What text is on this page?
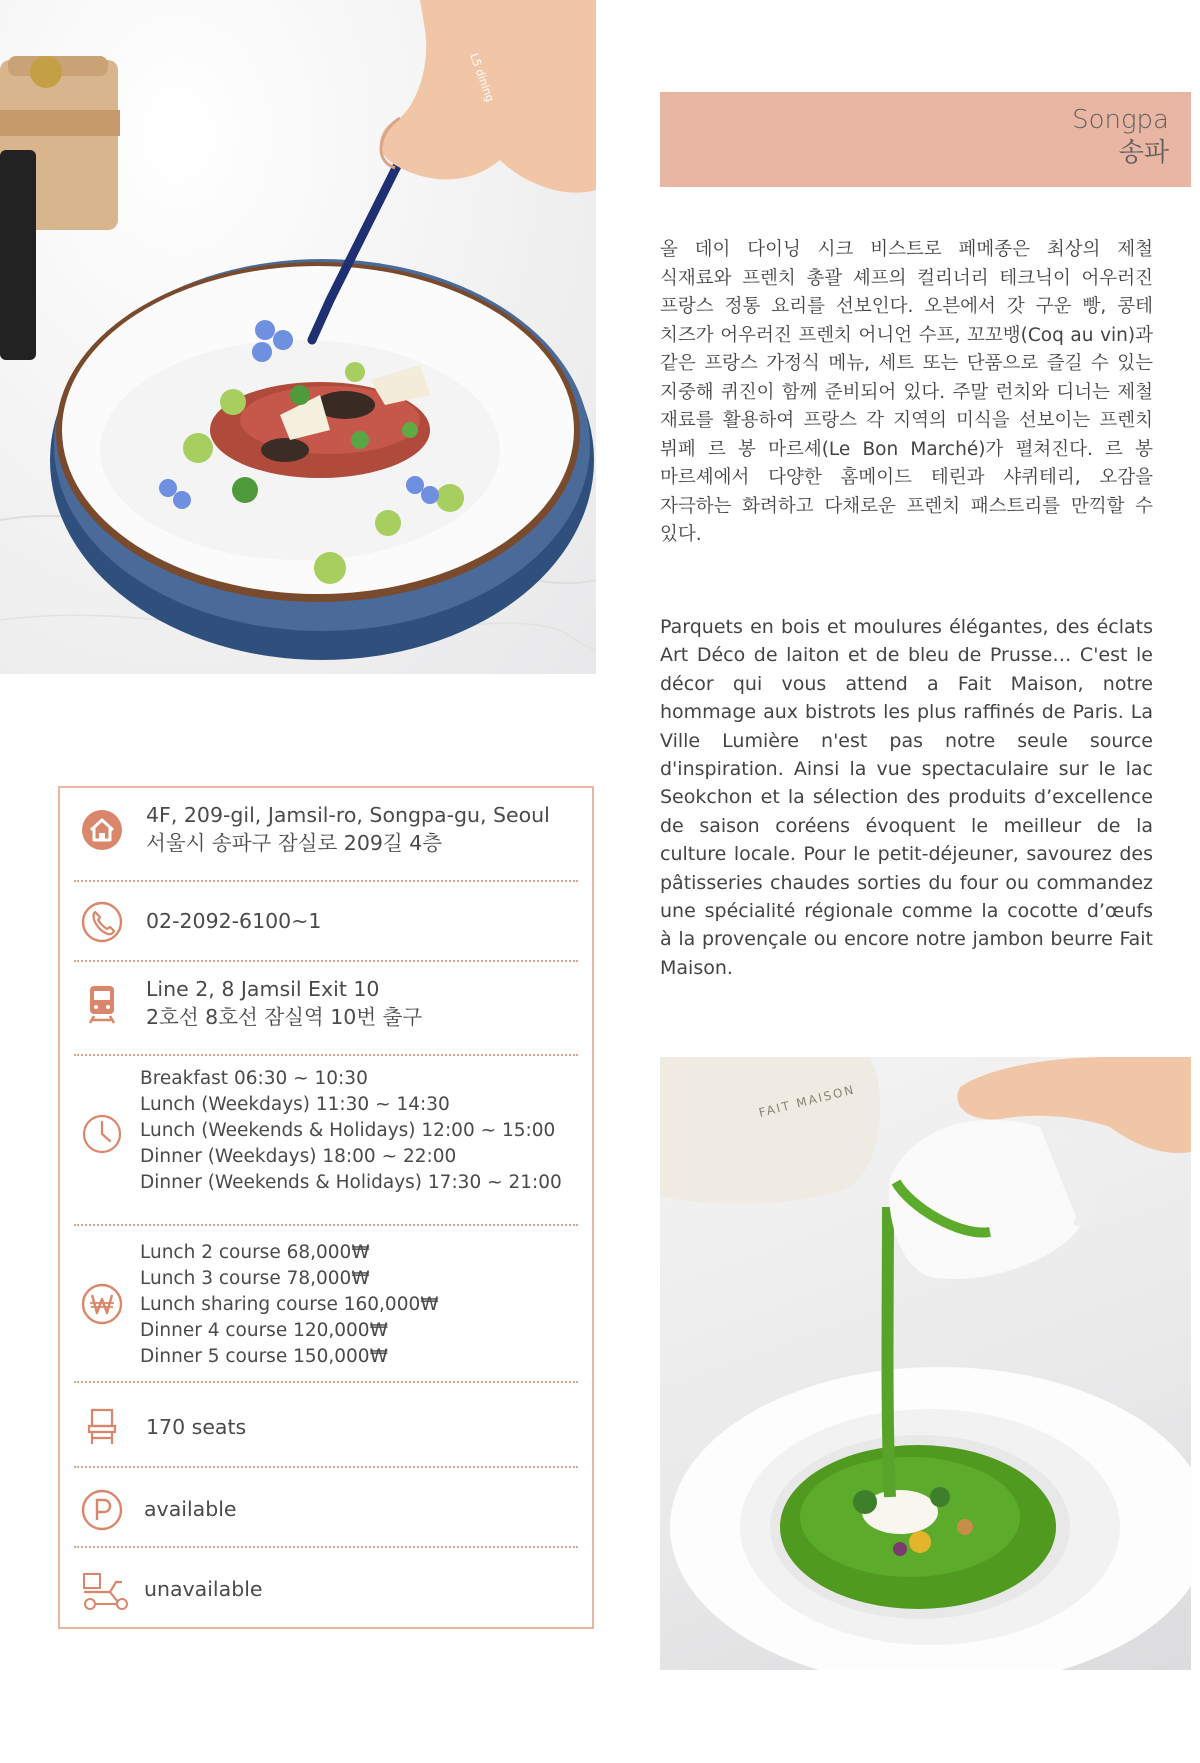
L5 dining
Songpa
송파

올 데이 다이닝 시크 비스트로 페메종은 최상의 제철 식재료와 프렌치 총괄 셰프의 컬리너리 테크닉이 어우러진 프랑스 정통 요리를 선보인다. 오븐에서 갓 구운 빵, 콩테 치즈가 어우러진 프렌치 어니언 수프, 꼬꼬뱅(Coq au vin)과 같은 프랑스 가정식 메뉴, 세트 또는 단품으로 즐길 수 있는 지중해 퀴진이 함께 준비되어 있다. 주말 런치와 디너는 제철 재료를 활용하여 프랑스 각 지역의 미식을 선보이는 프렌치 뷔페 르 봉 마르셰(Le Bon Marché)가 펼쳐진다. 르 봉 마르셰에서 다양한 홈메이드 테린과 샤퀴테리, 오감을 자극하는 화려하고 다채로운 프렌치 패스트리를 만끽할 수 있다.

Parquets en bois et moulures élégantes, des éclats Art Déco de laiton et de bleu de Prusse… C'est le décor qui vous attend a Fait Maison, notre hommage aux bistrots les plus raffinés de Paris. La Ville Lumière n'est pas notre seule source d'inspiration. Ainsi la vue spectaculaire sur le lac Seokchon et la sélection des produits d’excellence de saison coréens évoquent le meilleur de la culture locale. Pour le petit-déjeuner, savourez des pâtisseries chaudes sorties du four ou commandez une spécialité régionale comme la cocotte d’œufs à la provençale ou encore notre jambon beurre Fait Maison.

FAIT MAISON
4F, 209-gil, Jamsil-ro, Songpa-gu, Seoul
서울시 송파구 잠실로 209길 4층
02-2092-6100~1
Line 2, 8 Jamsil Exit 10
2호선 8호선 잠실역 10번 출구
Breakfast 06:30 ~ 10:30
Lunch (Weekdays) 11:30 ~ 14:30
Lunch (Weekends & Holidays) 12:00 ~ 15:00
Dinner (Weekdays) 18:00 ~ 22:00
Dinner (Weekends & Holidays) 17:30 ~ 21:00
Lunch 2 course 68,000₩
Lunch 3 course 78,000₩
Lunch sharing course 160,000₩
Dinner 4 course 120,000₩
Dinner 5 course 150,000₩
170 seats
available
unavailable
